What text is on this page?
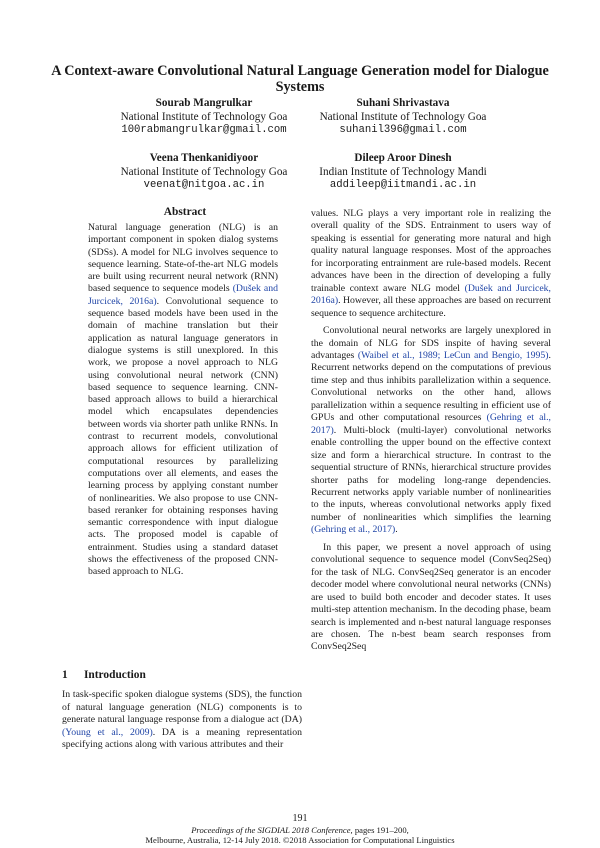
A Context-aware Convolutional Natural Language Generation model for Dialogue Systems
Sourab Mangrulkar
National Institute of Technology Goa
100rabmangrulkar@gmail.com
Suhani Shrivastava
National Institute of Technology Goa
suhanil396@gmail.com
Veena Thenkanidiyoor
National Institute of Technology Goa
veenat@nitgoa.ac.in
Dileep Aroor Dinesh
Indian Institute of Technology Mandi
addileep@iitmandi.ac.in
Abstract
Natural language generation (NLG) is an important component in spoken dialog systems (SDSs). A model for NLG involves sequence to sequence learning. State-of-the-art NLG models are built using recurrent neural network (RNN) based sequence to sequence models (Dušek and Jurcicek, 2016a). Convolutional sequence to sequence based models have been used in the domain of machine translation but their application as natural language generators in dialogue systems is still unexplored. In this work, we propose a novel approach to NLG using convolutional neural network (CNN) based sequence to sequence learning. CNN-based approach allows to build a hierarchical model which encapsulates dependencies between words via shorter path unlike RNNs. In contrast to recurrent models, convolutional approach allows for efficient utilization of computational resources by parallelizing computations over all elements, and eases the learning process by applying constant number of nonlinearities. We also propose to use CNN-based reranker for obtaining responses having semantic correspondence with input dialogue acts. The proposed model is capable of entrainment. Studies using a standard dataset shows the effectiveness of the proposed CNN-based approach to NLG.
1 Introduction
In task-specific spoken dialogue systems (SDS), the function of natural language generation (NLG) components is to generate natural language response from a dialogue act (DA) (Young et al., 2009). DA is a meaning representation specifying actions along with various attributes and their

values. NLG plays a very important role in realizing the overall quality of the SDS. Entrainment to users way of speaking is essential for generating more natural and high quality natural language responses. Most of the approaches for incorporating entrainment are rule-based models. Recent advances have been in the direction of developing a fully trainable context aware NLG model (Dušek and Jurcicek, 2016a). However, all these approaches are based on recurrent sequence to sequence architecture.

Convolutional neural networks are largely unexplored in the domain of NLG for SDS inspite of having several advantages (Waibel et al., 1989; LeCun and Bengio, 1995). Recurrent networks depend on the computations of previous time step and thus inhibits parallelization within a sequence. Convolutional networks on the other hand, allows parallelization within a sequence resulting in efficient use of GPUs and other computational resources (Gehring et al., 2017). Multi-block (multi-layer) convolutional networks enable controlling the upper bound on the effective context size and form a hierarchical structure. In contrast to the sequential structure of RNNs, hierarchical structure provides shorter paths for modeling long-range dependencies. Recurrent networks apply variable number of nonlinearities to the inputs, whereas convolutional networks apply fixed number of nonlinearities which simplifies the learning (Gehring et al., 2017).

In this paper, we present a novel approach of using convolutional sequence to sequence model (ConvSeq2Seq) for the task of NLG. ConvSeq2Seq generator is an encoder decoder model where convolutional neural networks (CNNs) are used to build both encoder and decoder states. It uses multi-step attention mechanism. In the decoding phase, beam search is implemented and n-best natural language responses are chosen. The n-best beam search responses from ConvSeq2Seq

191
Proceedings of the SIGDIAL 2018 Conference, pages 191–200,
Melbourne, Australia, 12-14 July 2018. ©2018 Association for Computational Linguistics
